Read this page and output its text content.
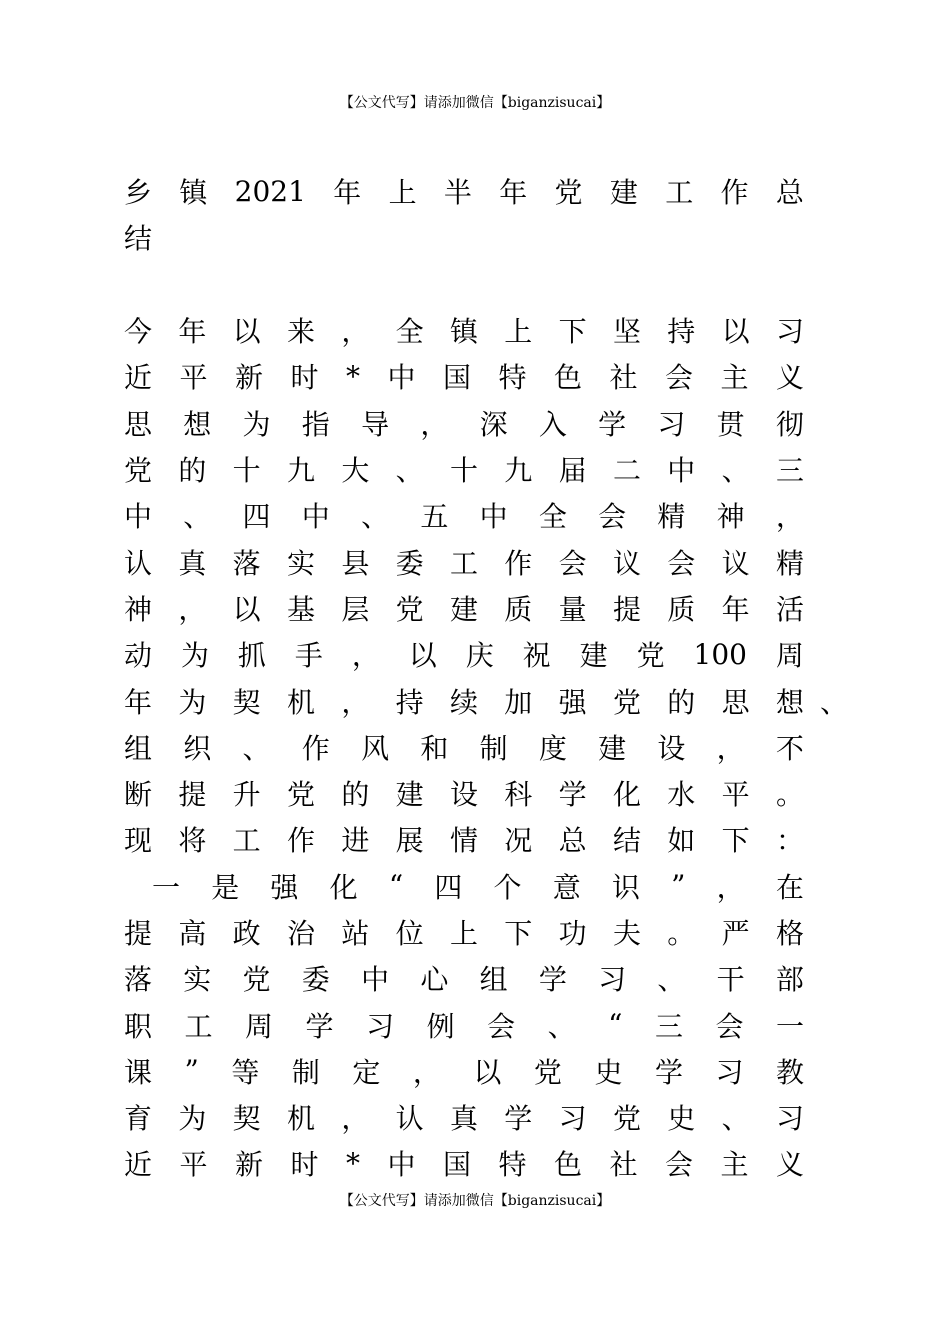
【公文代写】请添加微信【biganzisucai】
乡 镇 2021 年 上 半 年 党 建 工 作 总
结
今 年 以 来 ， 全 镇 上 下 坚 持 以 习
近 平 新 时 * 中 国 特 色 社 会 主 义
思 想 为 指 导 ， 深 入 学 习 贯 彻
党 的 十 九 大 、 十 九 届 二 中 、 三
中 、 四 中 、 五 中 全 会 精 神 ，
认 真 落 实 县 委 工 作 会 议 会 议 精
神 ， 以 基 层 党 建 质 量 提 质 年 活
动 为 抓 手 ， 以 庆 祝 建 党 100 周
年 为 契 机 ， 持 续 加 强 党 的 思 想 、
组 织 、 作 风 和 制 度 建 设 ， 不
断 提 升 党 的 建 设 科 学 化 水 平 。
现 将 工 作 进 展 情 况 总 结 如 下 ：
一 是 强 化 “ 四 个 意 识 ” ， 在
提 高 政 治 站 位 上 下 功 夫 。 严 格
落 实 党 委 中 心 组 学 习 、 干 部
职 工 周 学 习 例 会 、 “ 三 会 一
课 ” 等 制 定 ， 以 党 史 学 习 教
育 为 契 机 ， 认 真 学 习 党 史 、 习
近 平 新 时 * 中 国 特 色 社 会 主 义
【公文代写】请添加微信【biganzisucai】
